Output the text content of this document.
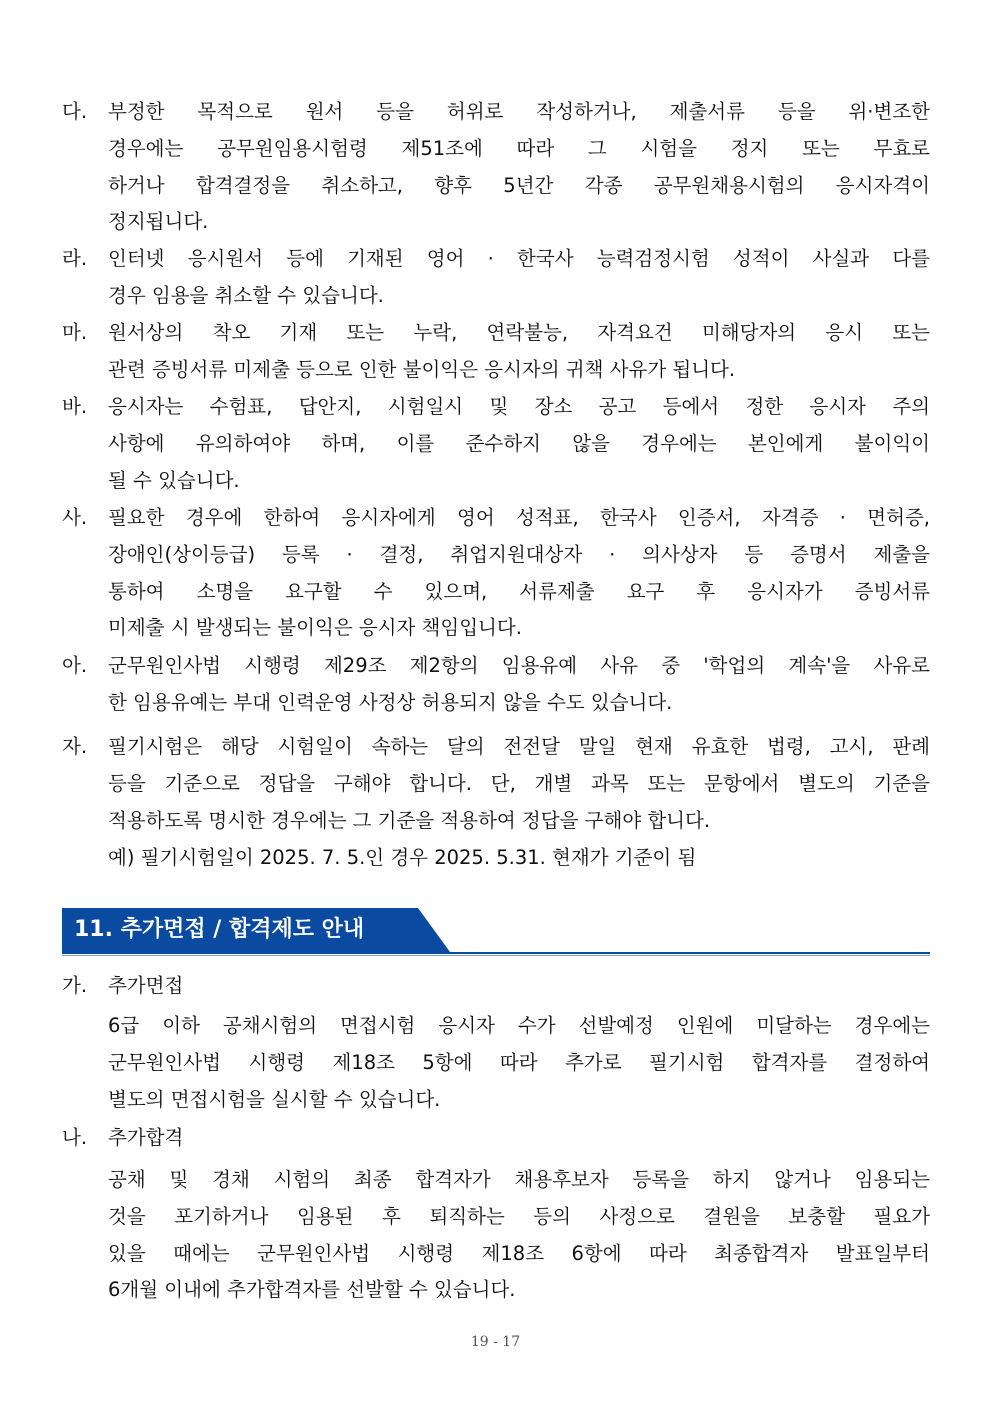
다.	부정한 목적으로 원서 등을 허위로 작성하거나, 제출서류 등을 위·변조한
경우에는 공무원임용시험령 제51조에 따라 그 시험을 정지 또는 무효로
하거나 합격결정을 취소하고, 향후 5년간 각종 공무원채용시험의 응시자격이
정지됩니다.
라.	인터넷 응시원서 등에 기재된 영어 · 한국사 능력검정시험 성적이 사실과 다를
경우 임용을 취소할 수 있습니다.
마.	원서상의 착오 기재 또는 누락, 연락불능, 자격요건 미해당자의 응시 또는
관련 증빙서류 미제출 등으로 인한 불이익은 응시자의 귀책 사유가 됩니다.
바.	응시자는 수험표, 답안지, 시험일시 및 장소 공고 등에서 정한 응시자 주의
사항에 유의하여야 하며, 이를 준수하지 않을 경우에는 본인에게 불이익이
될 수 있습니다.
사.	필요한 경우에 한하여 응시자에게 영어 성적표, 한국사 인증서, 자격증 · 면허증,
장애인(상이등급) 등록 · 결정, 취업지원대상자 · 의사상자 등 증명서 제출을
통하여 소명을 요구할 수 있으며, 서류제출 요구 후 응시자가 증빙서류
미제출 시 발생되는 불이익은 응시자 책임입니다.
아.	군무원인사법 시행령 제29조 제2항의 임용유예 사유 중 '학업의 계속'을 사유로
한 임용유예는 부대 인력운영 사정상 허용되지 않을 수도 있습니다.
자.	필기시험은 해당 시험일이 속하는 달의 전전달 말일 현재 유효한 법령, 고시, 판례
등을 기준으로 정답을 구해야 합니다. 단, 개별 과목 또는 문항에서 별도의 기준을
적용하도록 명시한 경우에는 그 기준을 적용하여 정답을 구해야 합니다.
예) 필기시험일이 2025. 7. 5.인 경우 2025. 5.31. 현재가 기준이 됨
11. 추가면접 / 합격제도 안내
가. 추가면접
6급 이하 공채시험의 면접시험 응시자 수가 선발예정 인원에 미달하는 경우에는
군무원인사법 시행령 제18조 5항에 따라 추가로 필기시험 합격자를 결정하여
별도의 면접시험을 실시할 수 있습니다.
나. 추가합격
공채 및 경채 시험의 최종 합격자가 채용후보자 등록을 하지 않거나 임용되는
것을 포기하거나 임용된 후 퇴직하는 등의 사정으로 결원을 보충할 필요가
있을 때에는 군무원인사법 시행령 제18조 6항에 따라 최종합격자 발표일부터
6개월 이내에 추가합격자를 선발할 수 있습니다.
19 - 17
